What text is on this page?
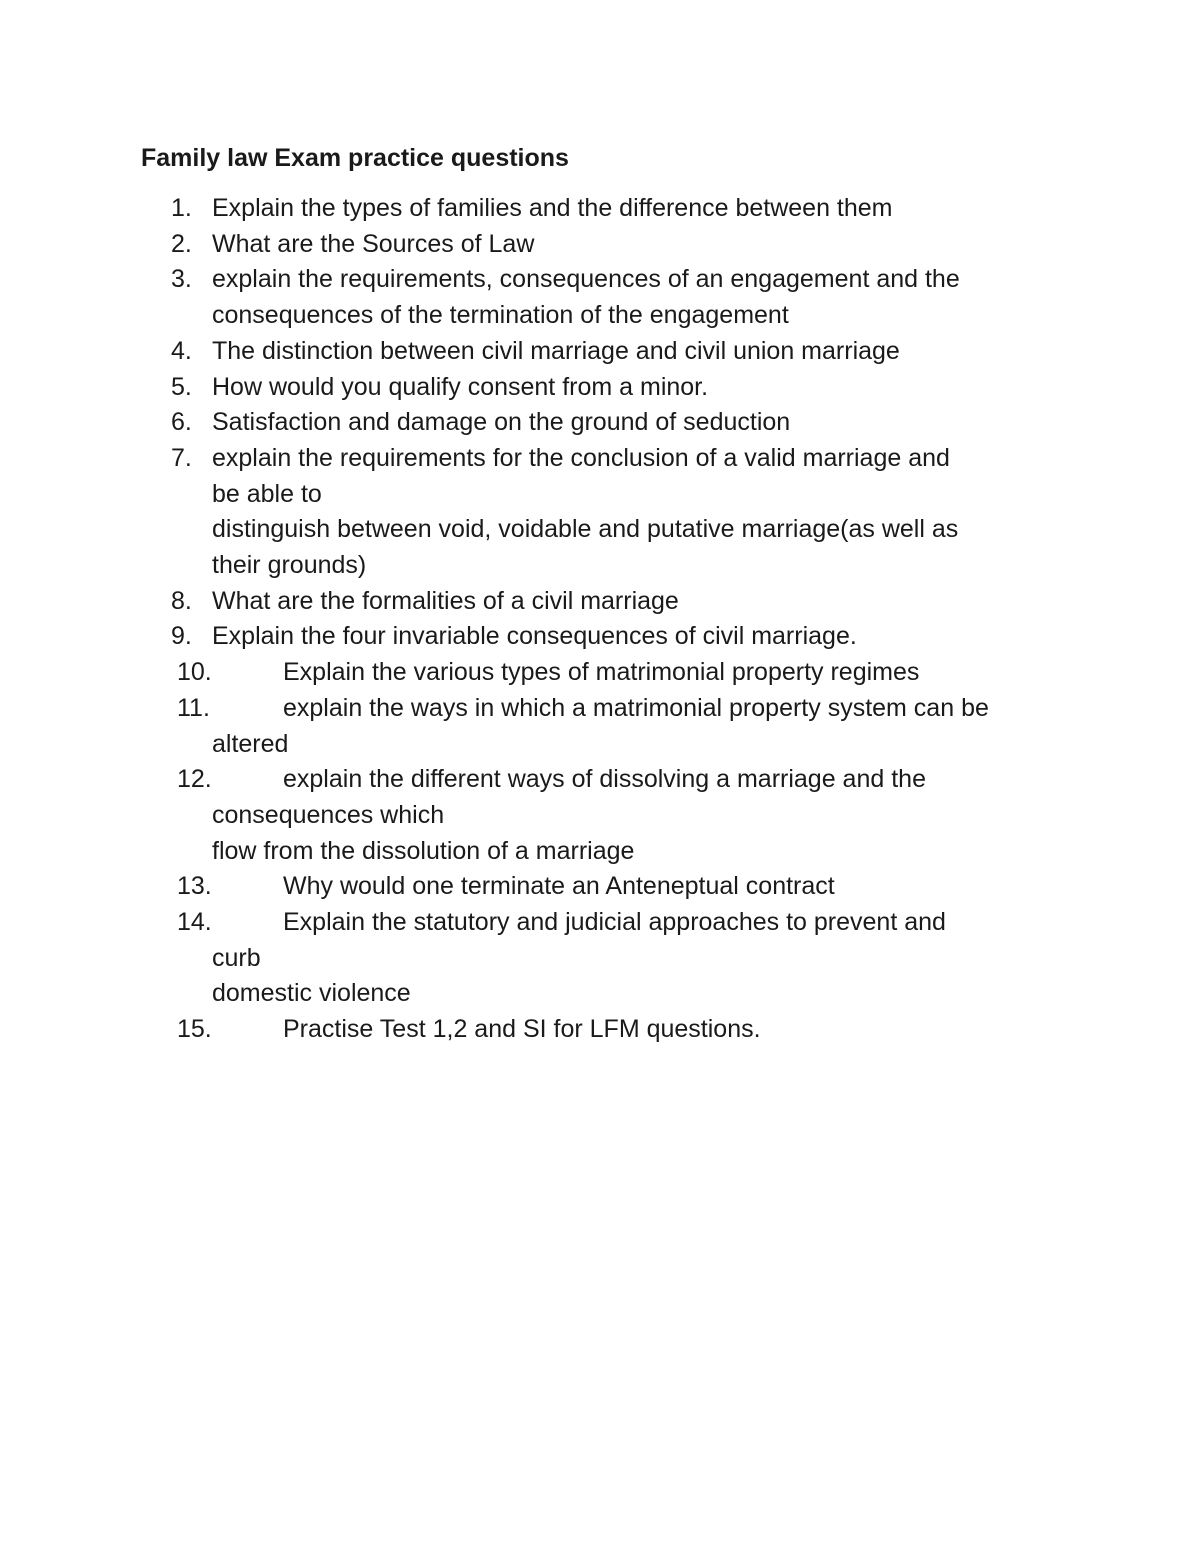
Family law Exam practice questions
1. Explain the types of families and the difference between them
2. What are the Sources of Law
3. explain the requirements, consequences of an engagement and the
consequences of the termination of the engagement
4. The distinction between civil marriage and civil union marriage
5. How would you qualify consent from a minor.
6. Satisfaction and damage on the ground of seduction
7. explain the requirements for the conclusion of a valid marriage and
be able to
distinguish between void, voidable and putative marriage(as well as
their grounds)
8. What are the formalities of a civil marriage
9. Explain the four invariable consequences of civil marriage.
10.	Explain the various types of matrimonial property regimes
11.	explain the ways in which a matrimonial property system can be
altered
12.	explain the different ways of dissolving a marriage and the
consequences which
flow from the dissolution of a marriage
13.	Why would one terminate an Anteneptual contract
14.	Explain the statutory and judicial approaches to prevent and
curb
domestic violence
15.	Practise Test 1,2 and SI for LFM questions.
